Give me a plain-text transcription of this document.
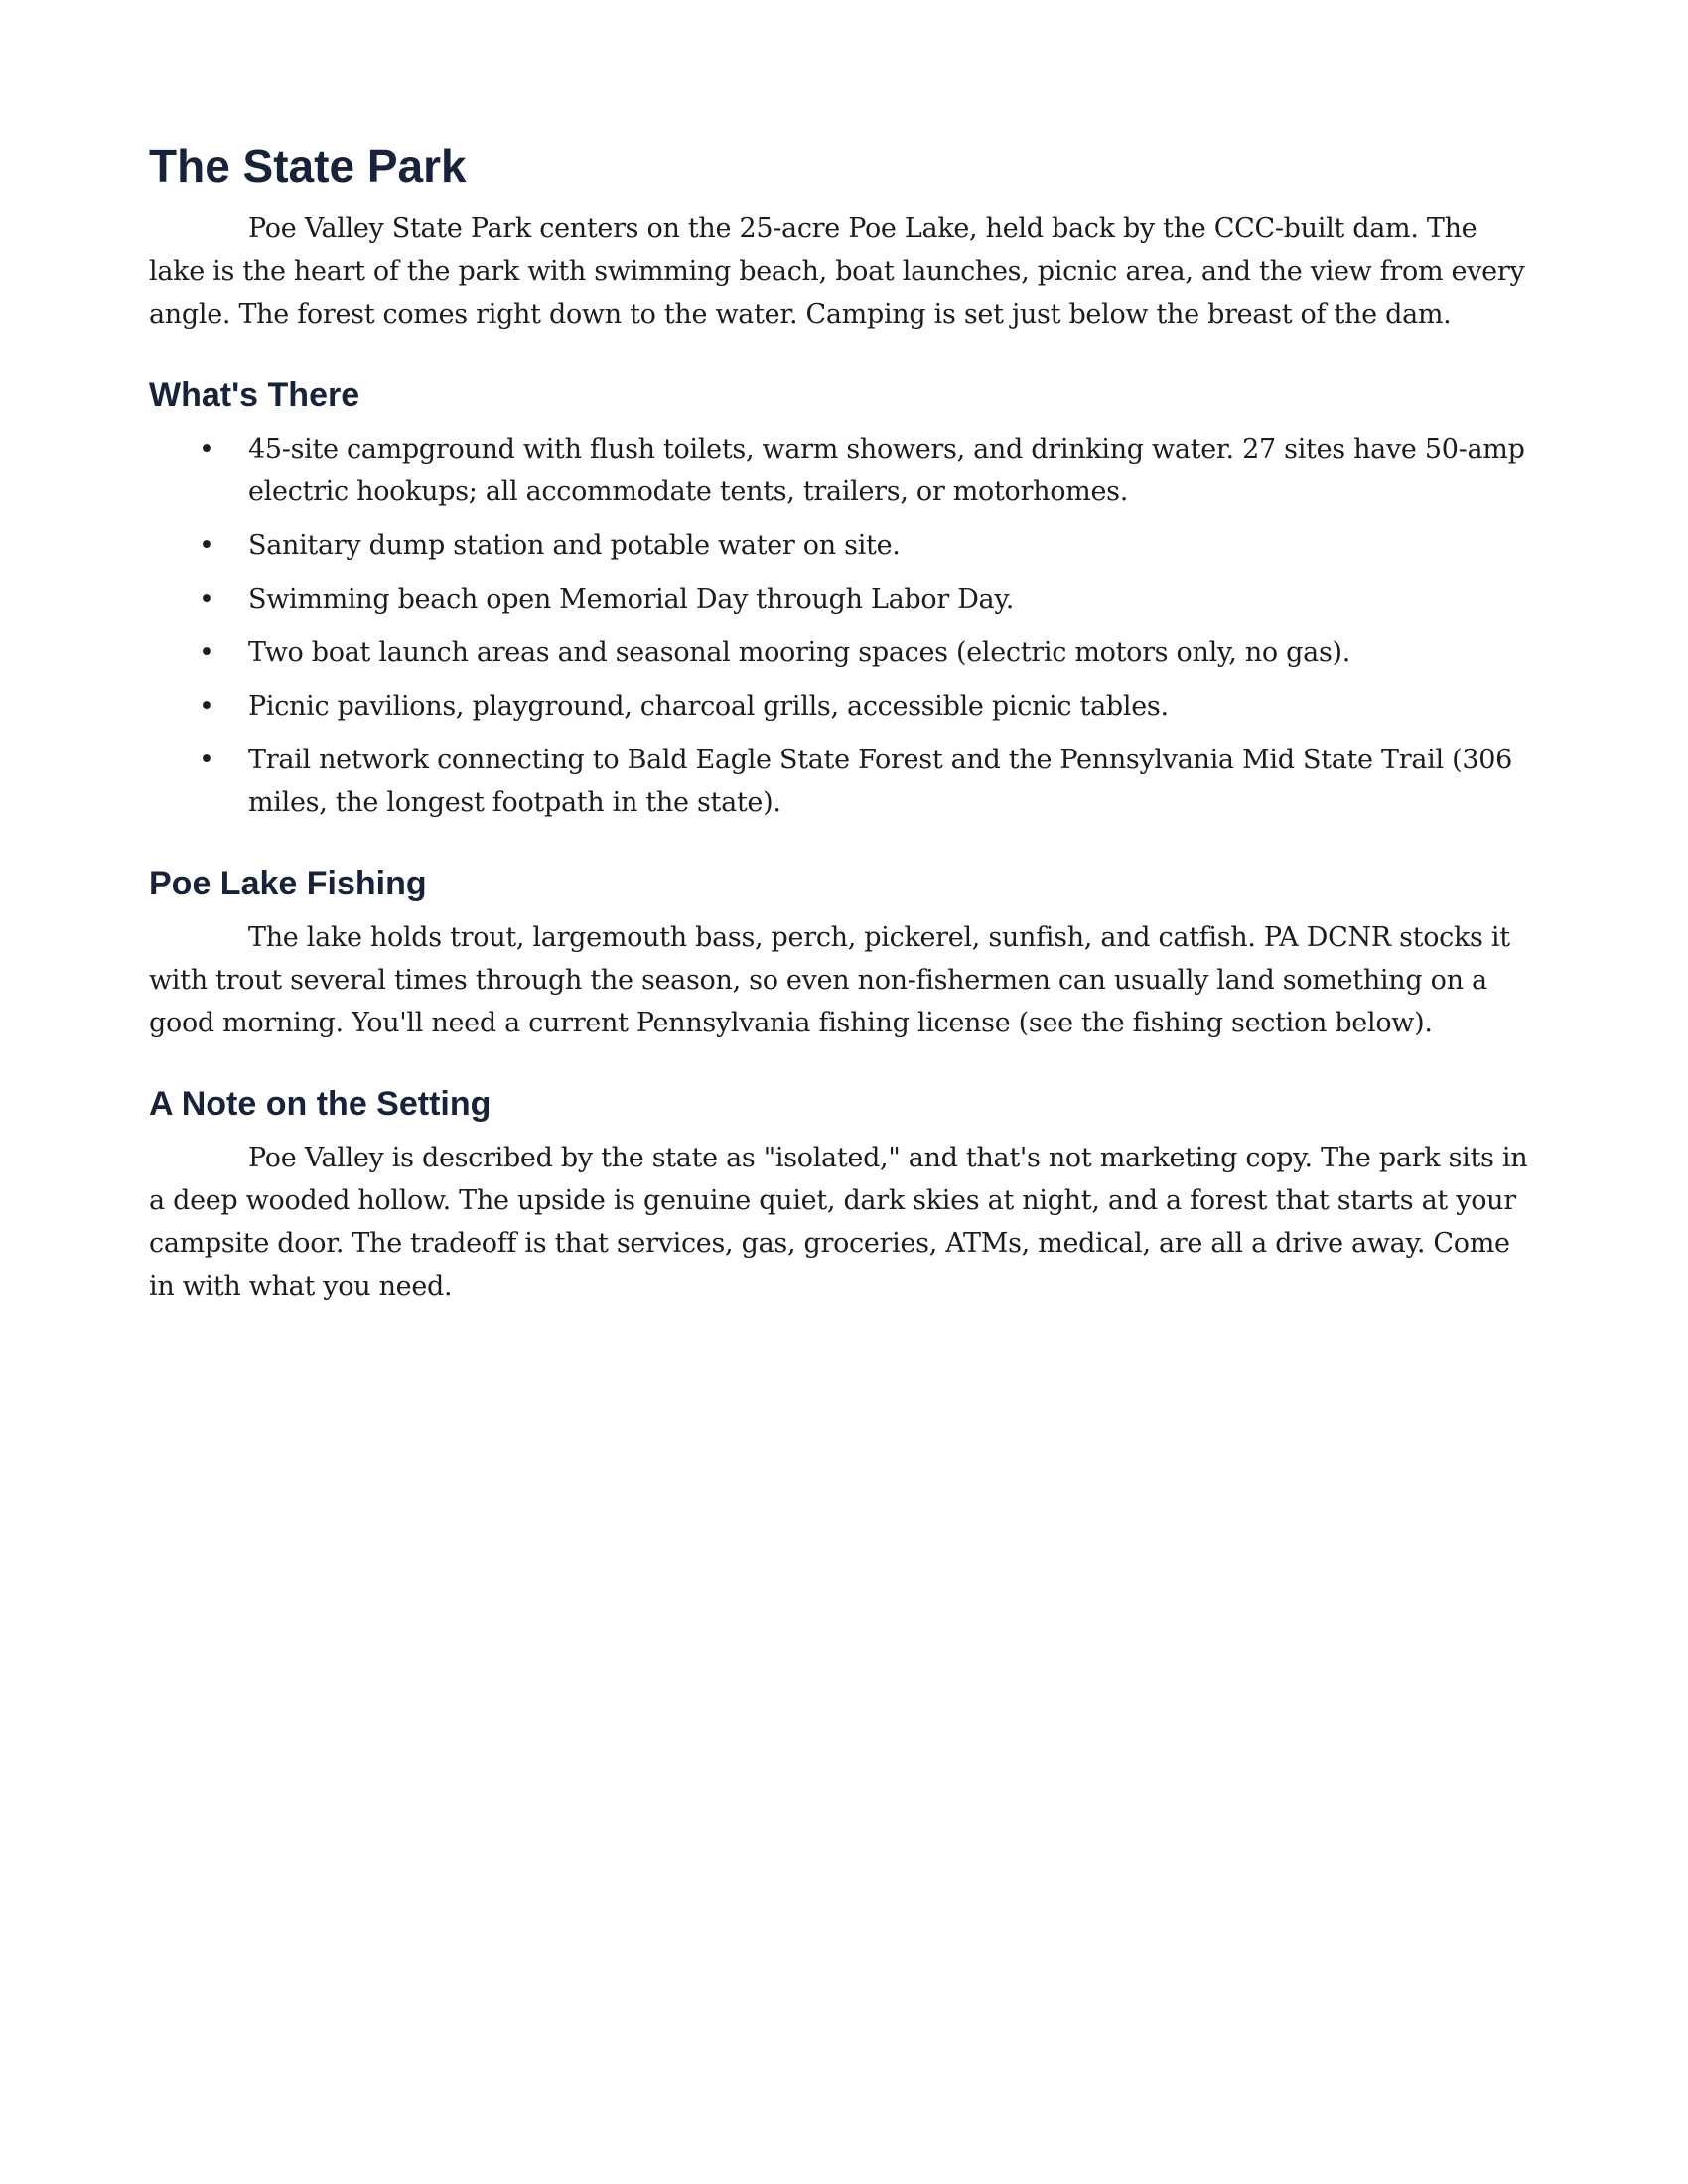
The State Park

Poe Valley State Park centers on the 25-acre Poe Lake, held back by the CCC-built dam. The lake is the heart of the park with swimming beach, boat launches, picnic area, and the view from every angle. The forest comes right down to the water. Camping is set just below the breast of the dam.

What's There
• 45-site campground with flush toilets, warm showers, and drinking water. 27 sites have 50-amp electric hookups; all accommodate tents, trailers, or motorhomes.
• Sanitary dump station and potable water on site.
• Swimming beach open Memorial Day through Labor Day.
• Two boat launch areas and seasonal mooring spaces (electric motors only, no gas).
• Picnic pavilions, playground, charcoal grills, accessible picnic tables.
• Trail network connecting to Bald Eagle State Forest and the Pennsylvania Mid State Trail (306 miles, the longest footpath in the state).
Poe Lake Fishing

The lake holds trout, largemouth bass, perch, pickerel, sunfish, and catfish. PA DCNR stocks it with trout several times through the season, so even non-fishermen can usually land something on a good morning. You'll need a current Pennsylvania fishing license (see the fishing section below).

A Note on the Setting

Poe Valley is described by the state as "isolated," and that's not marketing copy. The park sits in a deep wooded hollow. The upside is genuine quiet, dark skies at night, and a forest that starts at your campsite door. The tradeoff is that services, gas, groceries, ATMs, medical, are all a drive away. Come in with what you need.
